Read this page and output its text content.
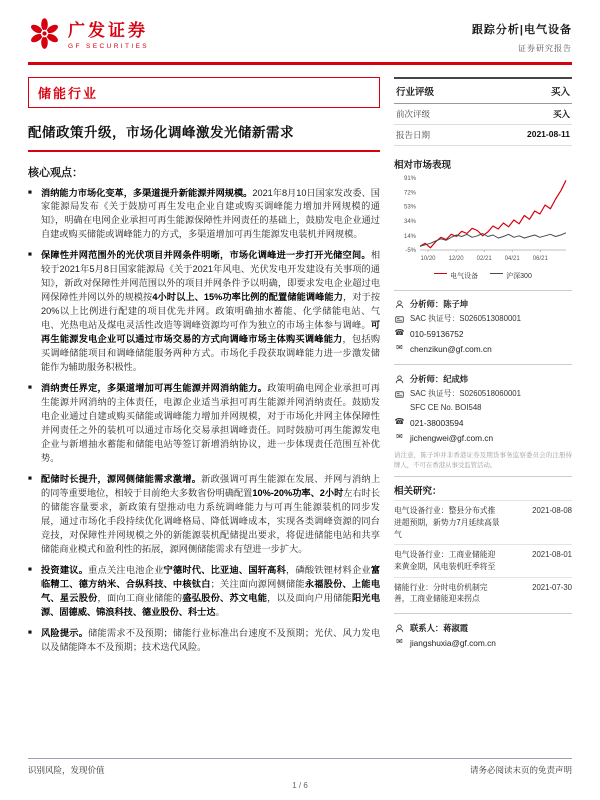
广发证券
GF SECURITIES
跟踪分析|电气设备
证券研究报告
储能行业
配储政策升级，市场化调峰激发光储新需求
核心观点：
■ 消纳能力市场化变革，多渠道提升新能源并网规模。2021年8月10日国家发改委、国家能源局发布《关于鼓励可再生发电企业自建或购买调峰能力增加并网规模的通知》，明确在电网企业承担可再生能源保障性并网责任的基础上，鼓励发电企业通过自建或购买储能或调峰能力的方式，多渠道增加可再生能源发电装机并网规模。
■ 保障性并网范围外的光伏项目并网条件明晰，市场化调峰进一步打开光储空间。相较于2021年5月8日国家能源局《关于2021年风电、光伏发电开发建设有关事项的通知》，新政对保障性并网范围以外的项目并网条件予以明确，即要求发电企业超过电网保障性并网以外的规模按4小时以上、15%功率比例的配置储能调峰能力，对于按20%以上比例进行配建的项目优先并网。政策明确抽水蓄能、化学储能电站、气电、光热电站及煤电灵活性改造等调峰资源均可作为独立的市场主体参与调峰。可再生能源发电企业可以通过市场交易的方式向调峰市场主体购买调峰能力，包括购买调峰储能项目和调峰储能服务两种方式。市场化手段获取调峰能力进一步激发储能作为辅助服务积极性。
■ 消纳责任界定，多渠道增加可再生能源并网消纳能力。政策明确电网企业承担可再生能源并网消纳的主体责任，电源企业适当承担可再生能源并网消纳责任。鼓励发电企业通过自建或购买储能或调峰能力增加并网规模，对于市场化并网主体保障性并网责任之外的装机可以通过市场化交易承担调峰责任。同时鼓励可再生能源发电企业与新增抽水蓄能和储能电站等签订新增消纳协议，进一步体现责任范围互补优势。
■ 配储时长提升，源网侧储能需求激增。新政强调可再生能源在发展、并网与消纳上的同等重要地位，相较于目前绝大多数省份明确配置10%-20%功率、2小时左右时长的储能容量要求，新政策有望推动电力系统调峰能力与可再生能源装机的同步发展，通过市场化手段持续优化调峰格局、降低调峰成本，实现各类调峰资源的同台竞技，对保障性并网规模之外的新能源装机配储提出要求，将促进储能电站和共享储能商业模式和盈利性的拓展，源网侧储能需求有望进一步扩大。
■ 投资建议。重点关注电池企业宁德时代、比亚迪、国轩高科，磷酸铁锂材料企业富临精工、德方纳米、合纵科技、中核钛白；关注面向源网侧储能永福股份、上能电气、星云股份，面向工商业储能的盛弘股份、苏文电能，以及面向户用储能阳光电源、固德威、锦浪科技、德业股份、科士达。
■ 风险提示。储能需求不及预期；储能行业标准出台速度不及预期；光伏、风力发电以及储能降本不及预期；技术迭代风险。
行业评级	买入
前次评级	买入
报告日期	2021-08-11
相对市场表现
91%
72%
53%
34%
14%
-5%
10/20 12/20 02/21 04/21 06/21
电气设备	沪深300
分析师：陈子坤
SAC 执证号：S0260513080001
☎ 010-59136752
✉ chenzikun@gf.com.cn
分析师：纪成炜
SAC 执证号：S0260518060001
SFC CE No. BOI548
☎ 021-38003594
✉ jichengwei@gf.com.cn
请注意，陈子坤并非香港证券及期货事务监察委员会的注册持牌人，不可在香港从事受监管活动。
相关研究：
电气设备行业：整县分布式推进超预期，新势力7月延续高景气
2021-08-08
电气设备行业：工商业储能迎来黄金期，风电装机旺季将至
2021-08-01
储能行业：分时电价机制完善，工商业储能迎来拐点
2021-07-30
联系人：蒋淑霞
✉ jiangshuxia@gf.com.cn
识别风险，发现价值	请务必阅读末页的免责声明
1 / 6
